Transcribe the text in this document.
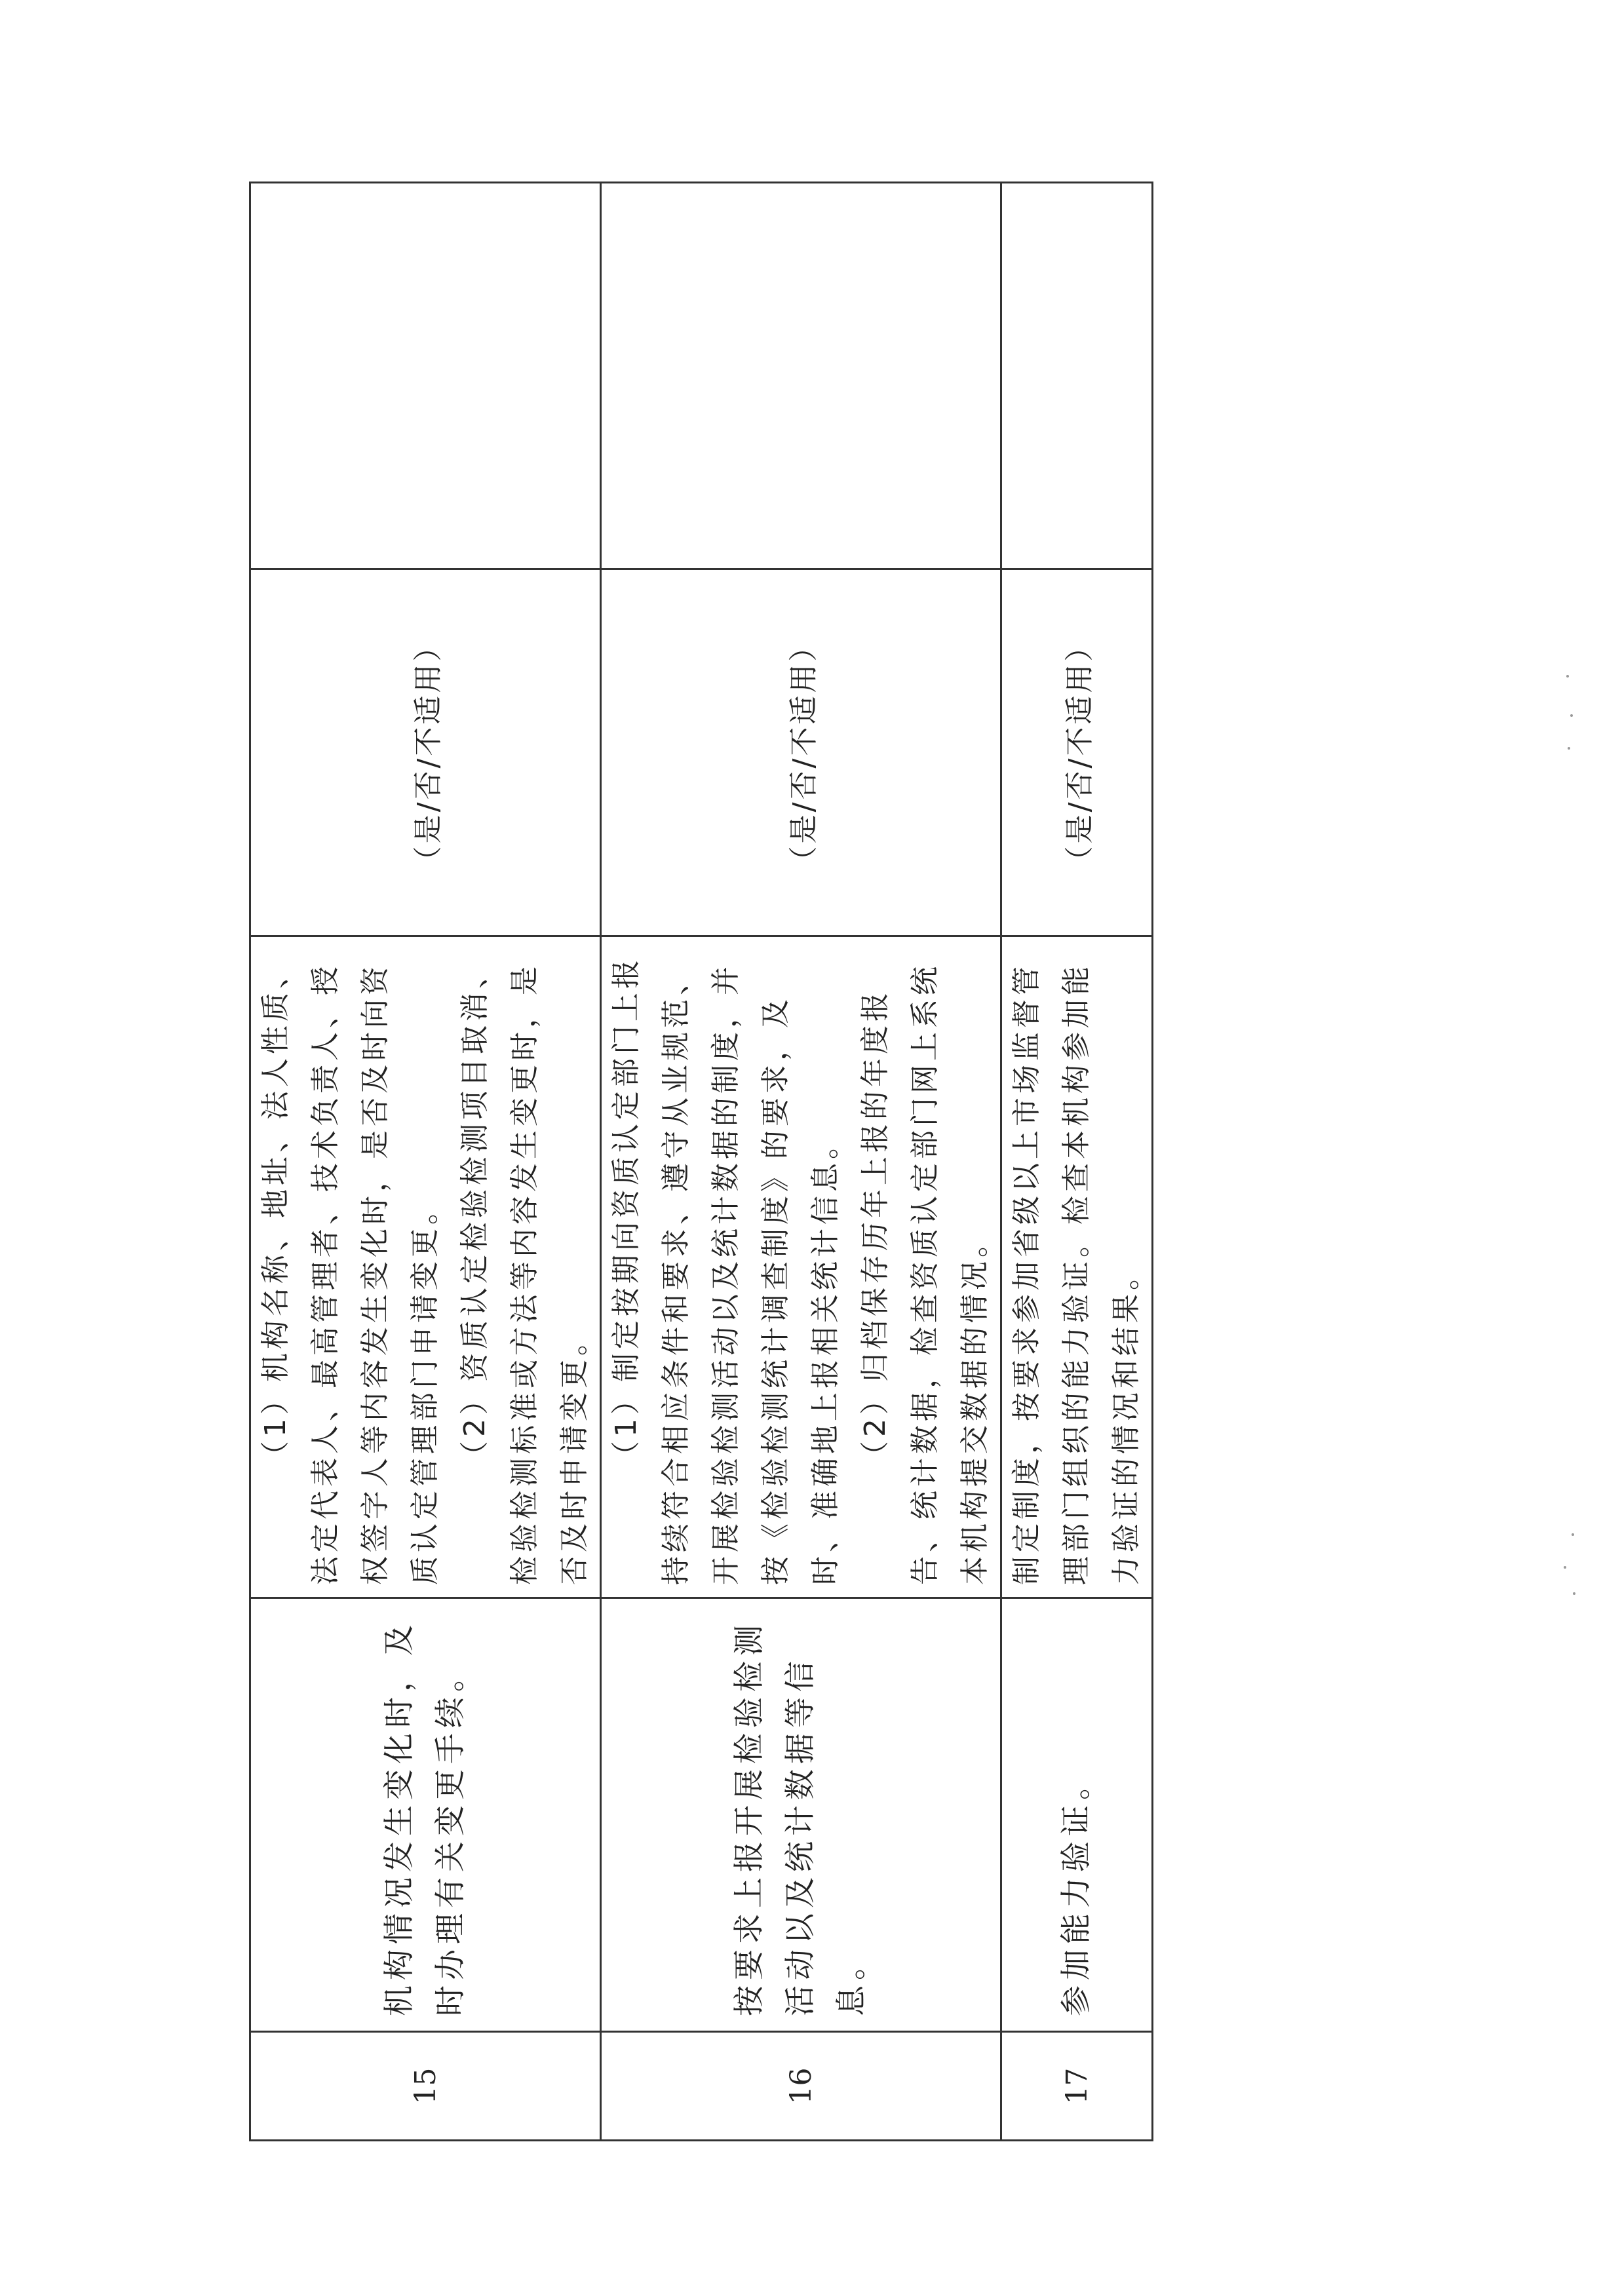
15	机构情况发生变化时，及时办理有关变更手续。	（1）机构名称、地址、法人性质、法定代表人、最高管理者、技术负责人、授权签字人等内容发生变化时，是否及时向资质认定管理部门申请变更。 （2）资质认定检验检测项目取消、检验检测标准或方法等内容发生变更时，是否及时申请变更。	（是/否/不适用）	
16	按要求上报开展检验检测活动以及统计数据等信息。	（1）制定按期向资质认定部门上报持续符合相应条件和要求、遵守从业规范、开展检验检测活动以及统计数据的制度，并按《检验检测统计调查制度》的要求，及时、准确地上报相关统计信息。 （2）归档保存历年上报的年度报告、统计数据，检查资质认定部门网上系统本机构提交数据的情况。	（是/否/不适用）	
17	参加能力验证。	制定制度，按要求参加省级以上市场监督管理部门组织的能力验证。检查本机构参加能力验证的情况和结果。	（是/否/不适用）	
